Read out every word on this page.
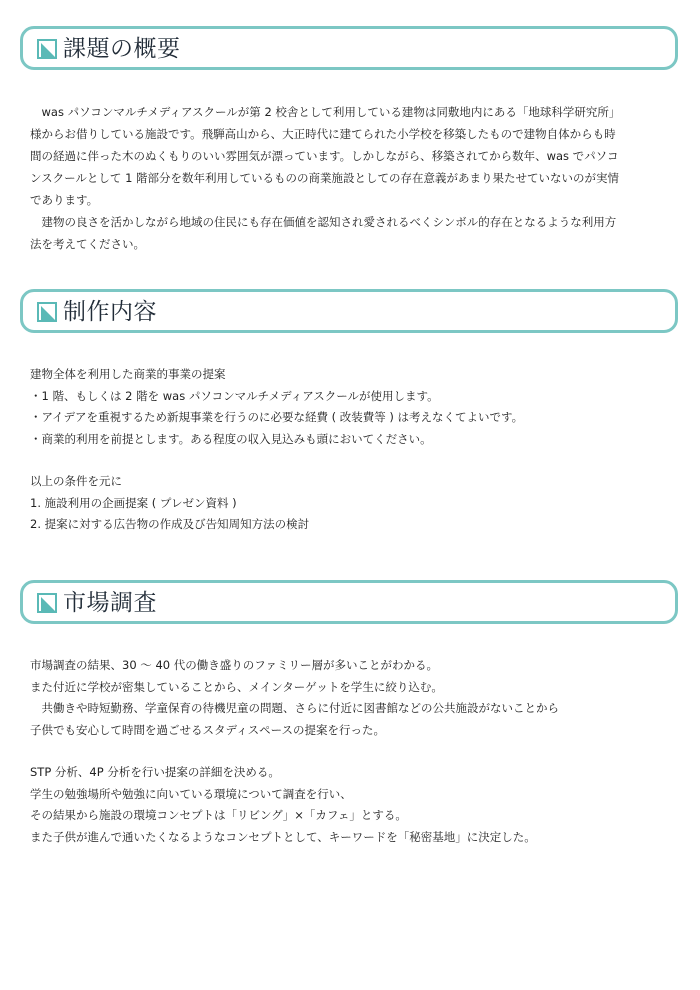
課題の概要

　was パソコンマルチメディアスクールが第 2 校舎として利用している建物は同敷地内にある「地球科学研究所」

様からお借りしている施設です。飛騨高山から、大正時代に建てられた小学校を移築したもので建物自体からも時

間の経過に伴った木のぬくもりのいい雰囲気が漂っています。しかしながら、移築されてから数年、was でパソコ

ンスクールとして 1 階部分を数年利用しているものの商業施設としての存在意義があまり果たせていないのが実情

であります。

　建物の良さを活かしながら地域の住民にも存在価値を認知され愛されるべくシンボル的存在となるような利用方

法を考えてください。

制作内容

建物全体を利用した商業的事業の提案

・1 階、もしくは 2 階を was パソコンマルチメディアスクールが使用します。

・アイデアを重視するため新規事業を行うのに必要な経費 ( 改装費等 ) は考えなくてよいです。

・商業的利用を前提とします。ある程度の収入見込みも頭においてください。

以上の条件を元に

1. 施設利用の企画提案 ( プレゼン資料 )

2. 提案に対する広告物の作成及び告知周知方法の検討

市場調査

市場調査の結果、30 ～ 40 代の働き盛りのファミリー層が多いことがわかる。

また付近に学校が密集していることから、メインターゲットを学生に絞り込む。

　共働きや時短勤務、学童保育の待機児童の問題、さらに付近に図書館などの公共施設がないことから

子供でも安心して時間を過ごせるスタディスペースの提案を行った。

STP 分析、4P 分析を行い提案の詳細を決める。

学生の勉強場所や勉強に向いている環境について調査を行い、

その結果から施設の環境コンセプトは「リビング」×「カフェ」とする。

また子供が進んで通いたくなるようなコンセプトとして、キーワードを「秘密基地」に決定した。
